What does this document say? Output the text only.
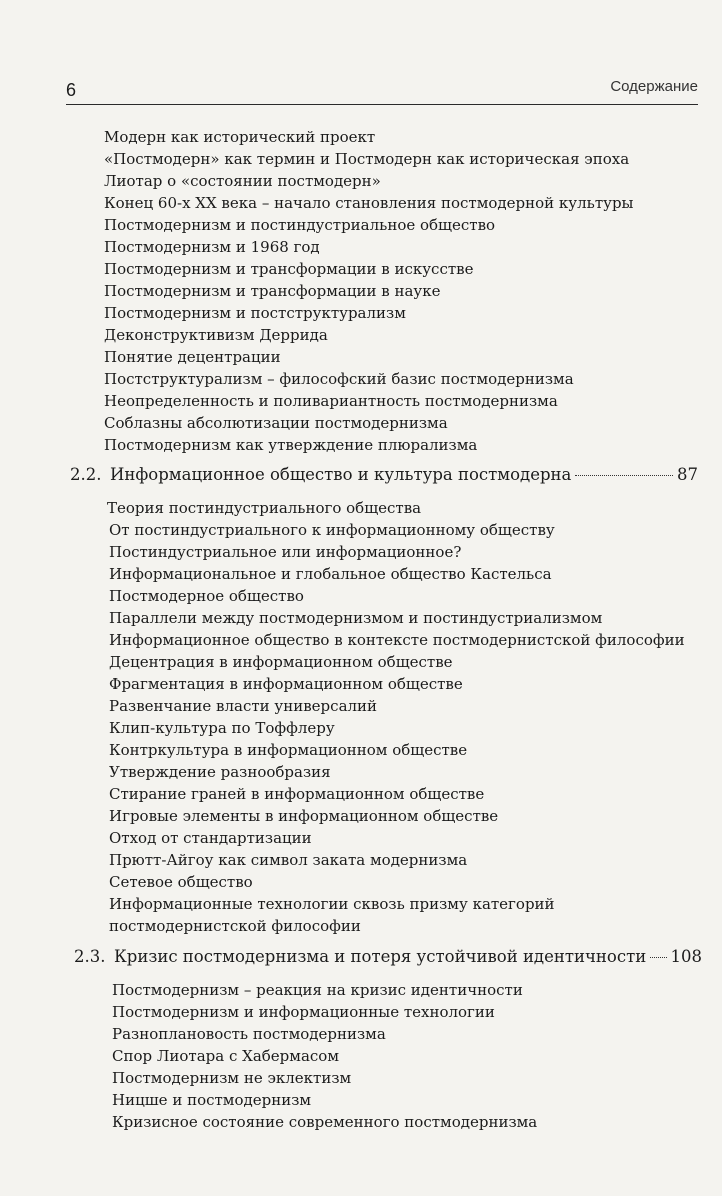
6	Содержание
Модерн как исторический проект
«Постмодерн» как термин и Постмодерн как историческая эпоха
Лиотар о «состоянии постмодерн»
Конец 60-х XX века – начало становления постмодерной культуры
Постмодернизм и постиндустриальное общество
Постмодернизм и 1968 год
Постмодернизм и трансформации в искусстве
Постмодернизм и трансформации в науке
Постмодернизм и постструктурализм
Деконструктивизм Деррида
Понятие децентрации
Постструктурализм – философский базис постмодернизма
Неопределенность и поливариантность постмодернизма
Соблазны абсолютизации постмодернизма
Постмодернизм как утверждение плюрализма
2.2. Информационное общество и культура постмодерна	87
Теория постиндустриального общества
От постиндустриального к информационному обществу
Постиндустриальное или информационное?
Информациональное и глобальное общество Кастельса
Постмодерное общество
Параллели между постмодернизмом и постиндустриализмом
Информационное общество в контексте постмодернистской философии
Децентрация в информационном обществе
Фрагментация в информационном обществе
Развенчание власти универсалий
Клип-культура по Тоффлеру
Контркультура в информационном обществе
Утверждение разнообразия
Стирание граней в информационном обществе
Игровые элементы в информационном обществе
Отход от стандартизации
Прютт-Айгоу как символ заката модернизма
Сетевое общество
Информационные технологии сквозь призму категорий постмодернистской философии
2.3. Кризис постмодернизма и потеря устойчивой идентичности 108
Постмодернизм – реакция на кризис идентичности
Постмодернизм и информационные технологии
Разноплановость постмодернизма
Спор Лиотара с Хабермасом
Постмодернизм не эклектизм
Ницше и постмодернизм
Кризисное состояние современного постмодернизма
